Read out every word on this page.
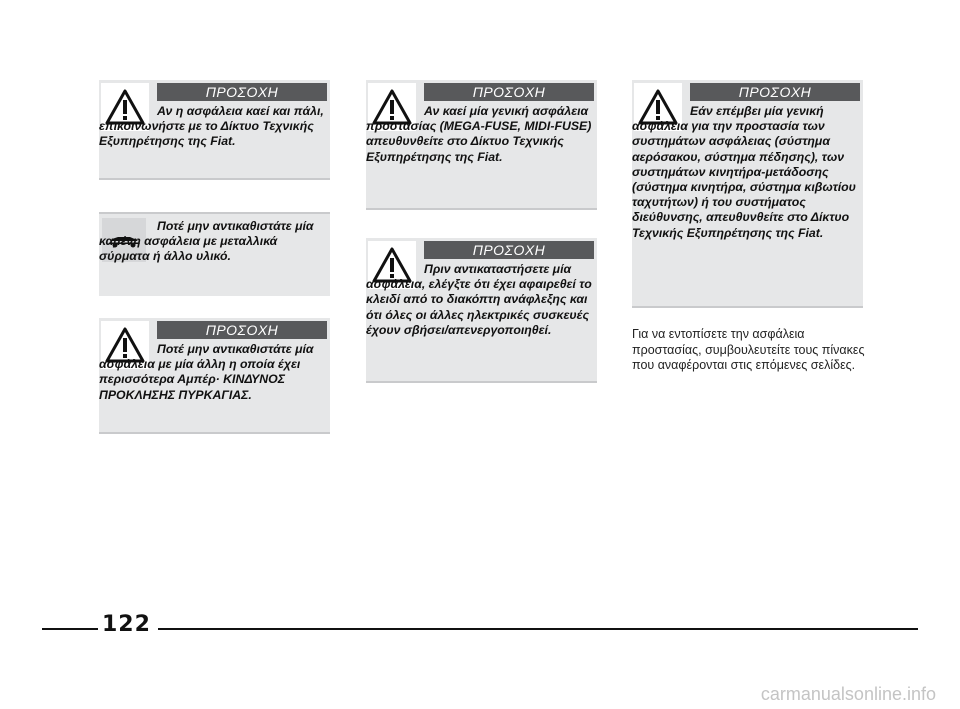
ΠΡΟΣΟΧΗ

Αν η ασφάλεια καεί και πάλι, επικοινωνήστε με το Δίκτυο Τεχνικής Εξυπηρέτησης της Fiat.

Ποτέ μην αντικαθιστάτε μία καμένη ασφάλεια με μεταλλικά σύρματα ή άλλο υλικό.

ΠΡΟΣΟΧΗ

Ποτέ μην αντικαθιστάτε μία ασφάλεια με μία άλλη η οποία έχει περισσότερα Αμπέρ· ΚΙΝΔΥΝΟΣ ΠΡΟΚΛΗΣΗΣ ΠΥΡΚΑΓΙΑΣ.

ΠΡΟΣΟΧΗ

Αν καεί μία γενική ασφάλεια προστασίας (MEGA-FUSE, MIDI-FUSE) απευθυνθείτε στο Δίκτυο Τεχνικής Εξυπηρέτησης της Fiat.

ΠΡΟΣΟΧΗ

Πριν αντικαταστήσετε μία ασφάλεια, ελέγξτε ότι έχει αφαιρεθεί το κλειδί από το διακόπτη ανάφλεξης και ότι όλες οι άλλες ηλεκτρικές συσκευές έχουν σβήσει/απενεργοποιηθεί.

ΠΡΟΣΟΧΗ

Εάν επέμβει μία γενική ασφάλεια για την προστασία των συστημάτων ασφάλειας (σύστημα αερόσακου, σύστημα πέδησης), των συστημάτων κινητήρα-μετάδοσης (σύστημα κινητήρα, σύστημα κιβωτίου ταχυτήτων) ή του συστήματος διεύθυνσης, απευθυνθείτε στο Δίκτυο Τεχνικής Εξυπηρέτησης της Fiat.

Για να εντοπίσετε την ασφάλεια προστασίας, συμβουλευτείτε τους πίνακες που αναφέρονται στις επόμενες σελίδες.

122
carmanualsonline.info
